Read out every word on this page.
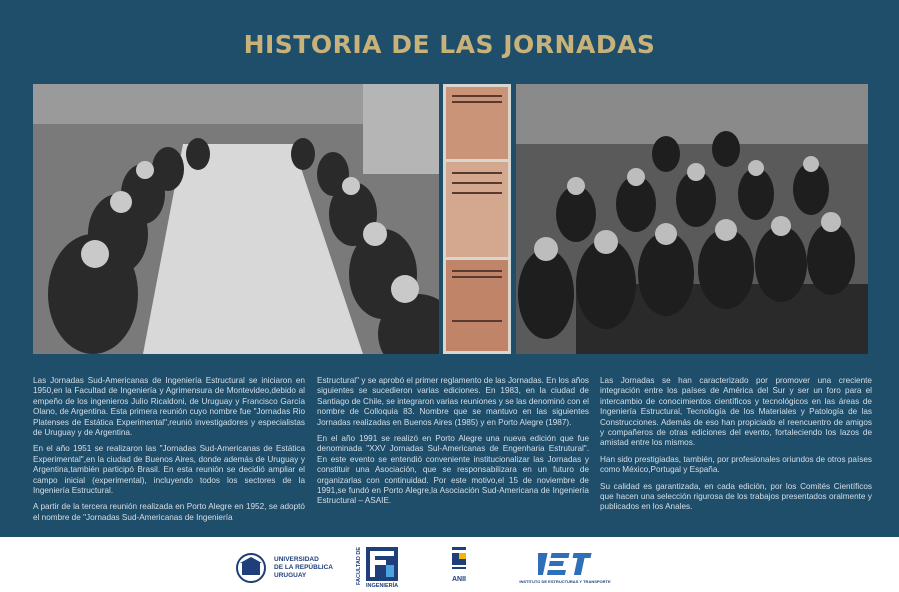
HISTORIA DE LAS JORNADAS

Las Jornadas Sud-Americanas de Ingeniería Estructural se iniciaron en 1950,en la Facultad de Ingeniería y Agrimensura de Montevideo,debido al empeño de los ingenieros Julio Ricaldoni, de Uruguay y Francisco García Olano, de Argentina. Esta primera reunión cuyo nombre fue "Jornadas Rio Platenses de Estática Experimental",reunió investigadores y especialistas de Uruguay y de Argentina.

En el año 1951 se realizaron las "Jornadas Sud-Americanas de Estática Experimental",en la ciudad de Buenos Aires, donde además de Uruguay y Argentina,también participó Brasil. En esta reunión se decidió ampliar el campo inicial (experimental), incluyendo todos los sectores de la Ingeniería Estructural.

A partir de la tercera reunión realizada en Porto Alegre en 1952, se adoptó el nombre de "Jornadas Sud-Americanas de Ingeniería

Estructural" y se aprobó el primer reglamento de las Jornadas. En los años siguientes se sucedieron varias ediciones. En 1983, en la ciudad de Santiago de Chile, se integraron varias reuniones y se las denominó con el nombre de Colloquia 83. Nombre que se mantuvo en las siguientes Jornadas realizadas en Buenos Aires (1985) y en Porto Alegre (1987).

En el año 1991 se realizó en Porto Alegre una nueva edición que fue denominada "XXV Jornadas Sul-Americanas de Engenharia Estrutural". En este evento se entendió conveniente institucionalizar las Jornadas y constituir una Asociación, que se responsabilizara en un futuro de organizarlas con continuidad. Por este motivo,el 15 de noviembre de 1991,se fundó en Porto Alegre,la Asociación Sud-Americana de Ingeniería Estructural – ASAIE.

Las Jornadas se han caracterizado por promover una creciente integración entre los países de América del Sur y ser un foro para el intercambio de conocimientos científicos y tecnológicos en las áreas de Ingeniería Estructural, Tecnología de los Materiales y Patología de las Construcciones. Además de eso han propiciado el reencuentro de amigos y compañeros de otras ediciones del evento, fortaleciendo los lazos de amistad entre los mismos.

Han sido prestigiadas, también, por profesionales oriundos de otros países como México,Portugal y España.

Su calidad es garantizada, en cada edición, por los Comités Científicos que hacen una selección rigurosa de los trabajos presentados oralmente y publicados en los Anales.

UNIVERSIDAD
DE LA REPÚBLICA
URUGUAY	FACULTAD DE
INGENIERÍA
ANII	INSTITUTO DE ESTRUCTURAS Y TRANSPORTE
